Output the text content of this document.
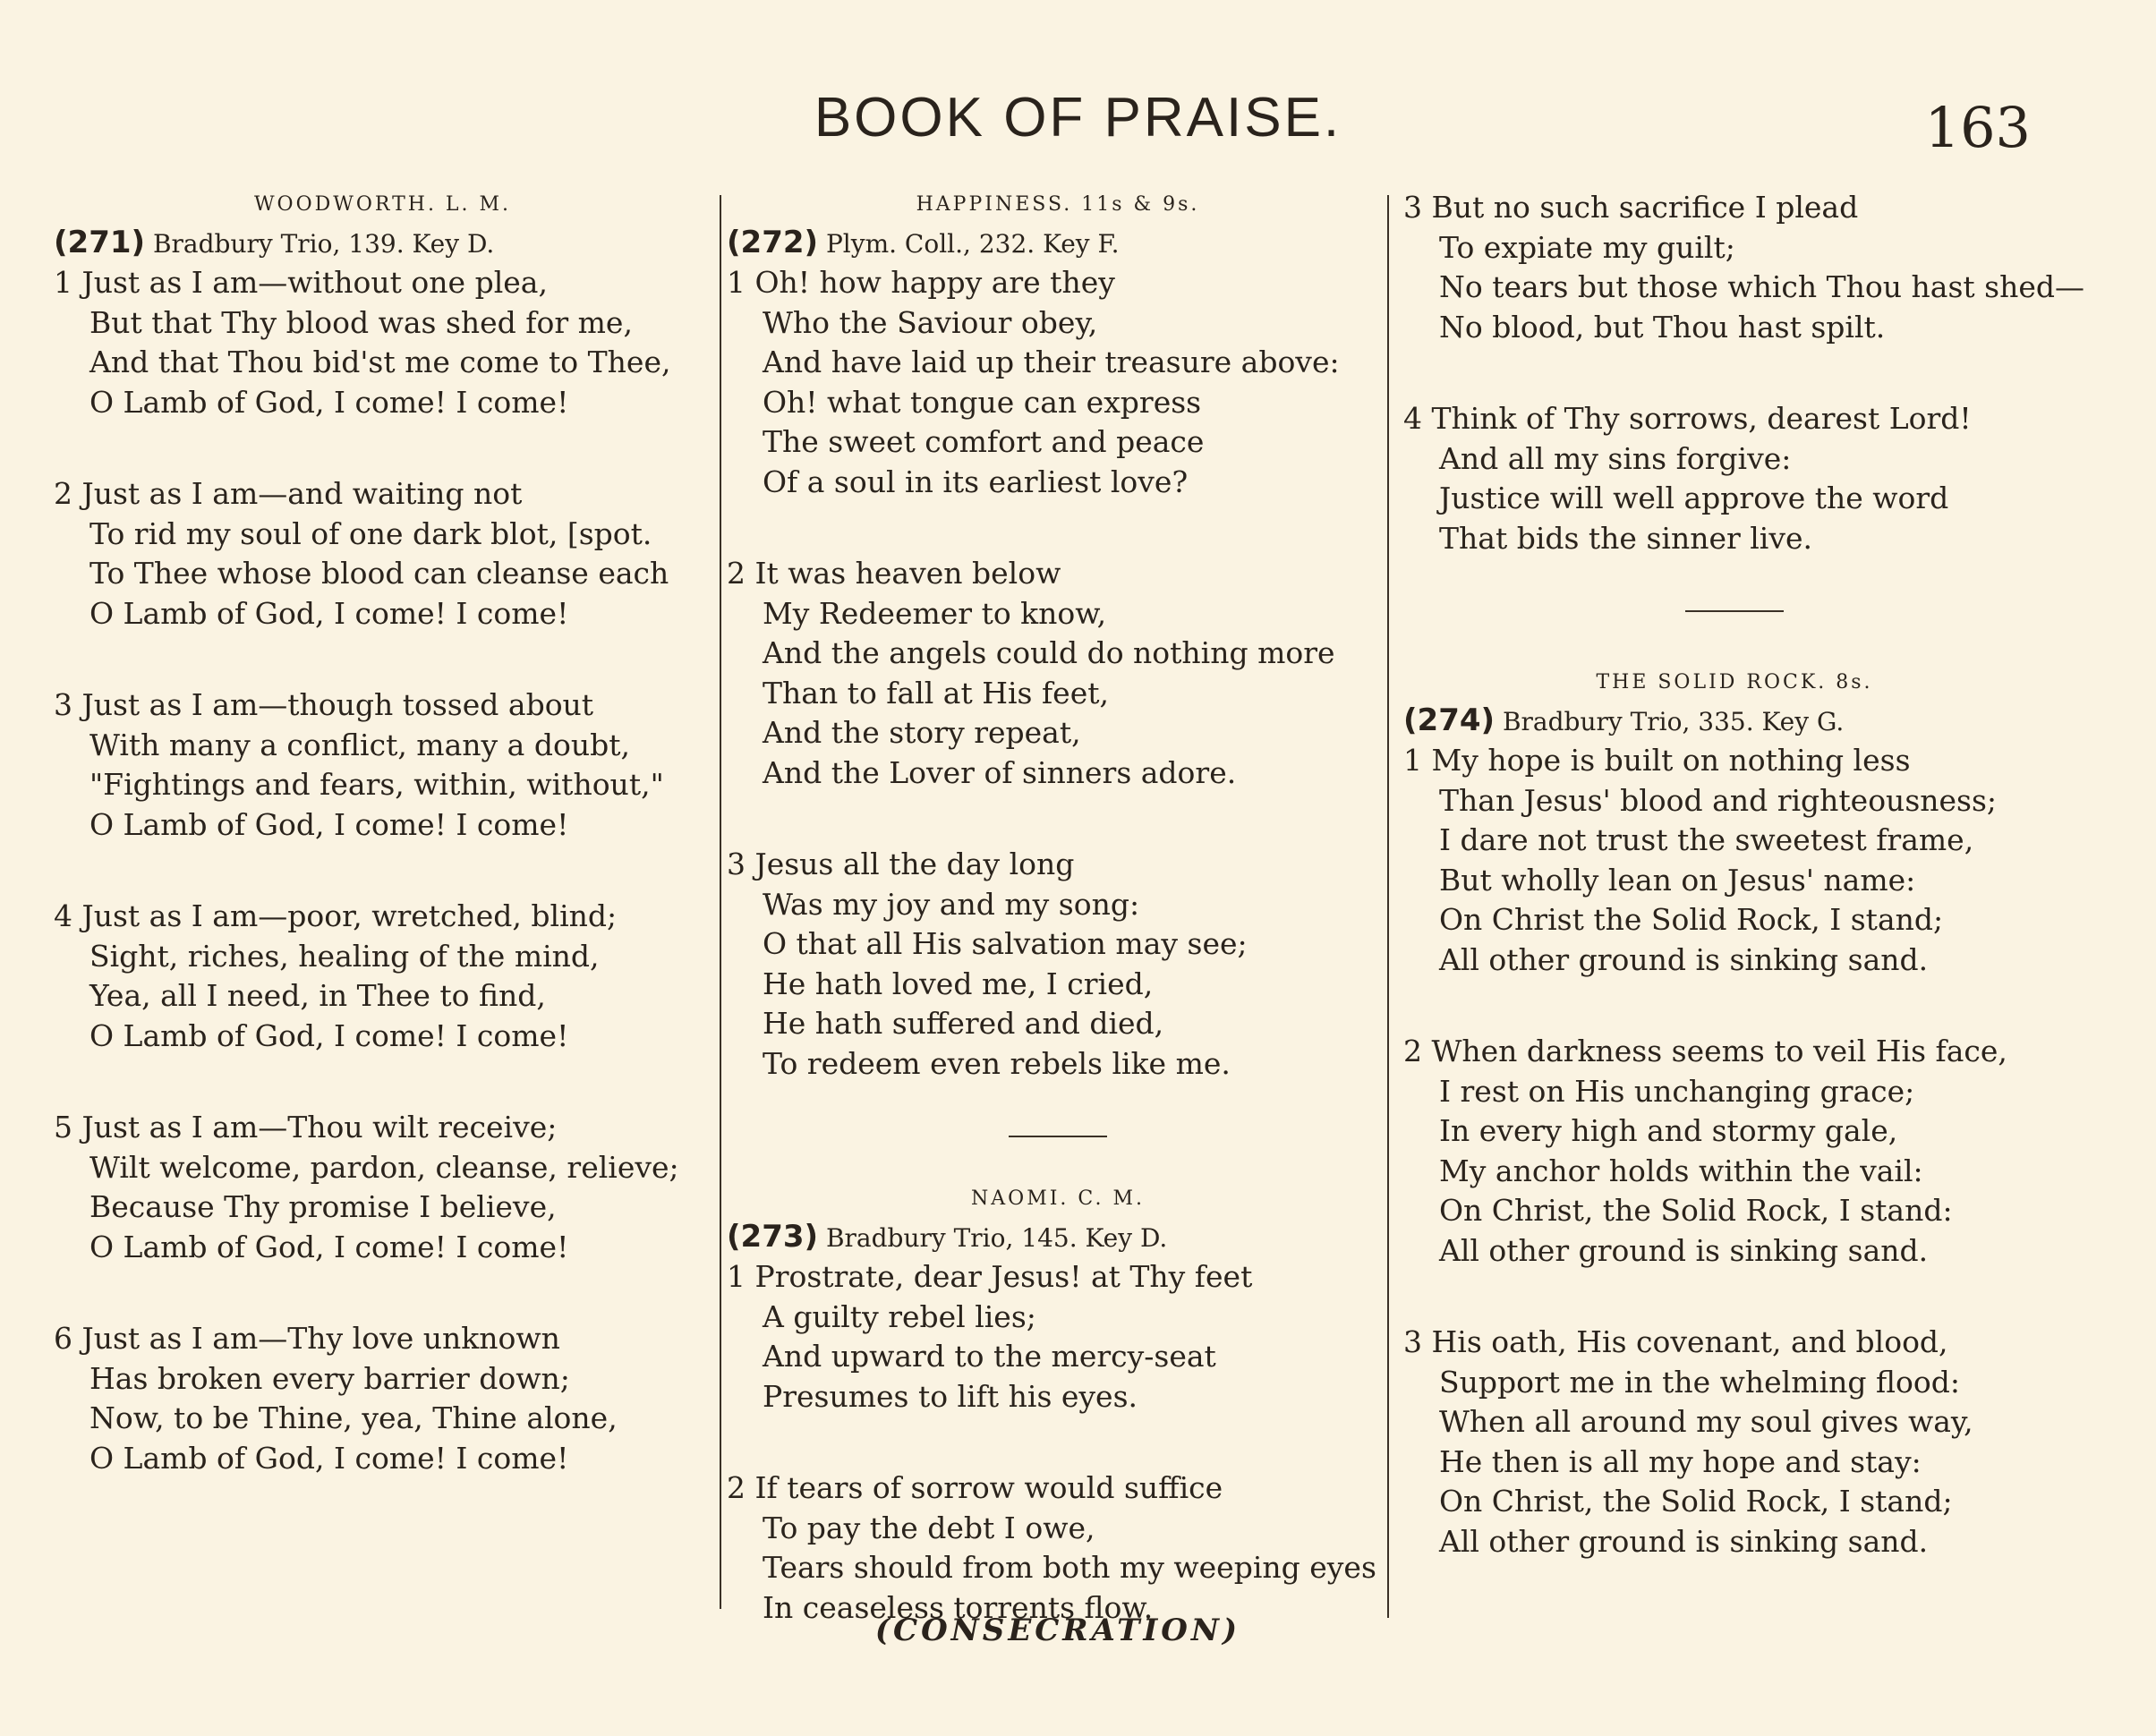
BOOK OF PRAISE.	163
WOODWORTH. L. M.
(271) Bradbury Trio, 139. Key D.
1 Just as I am—without one plea,
But that Thy blood was shed for me,
And that Thou bid'st me come to Thee,
O Lamb of God, I come! I come!
2 Just as I am—and waiting not
To rid my soul of one dark blot, [spot.
To Thee whose blood can cleanse each
O Lamb of God, I come! I come!
3 Just as I am—though tossed about
With many a conflict, many a doubt,
"Fightings and fears, within, without,"
O Lamb of God, I come! I come!
4 Just as I am—poor, wretched, blind;
Sight, riches, healing of the mind,
Yea, all I need, in Thee to find,
O Lamb of God, I come! I come!
5 Just as I am—Thou wilt receive;
Wilt welcome, pardon, cleanse, relieve;
Because Thy promise I believe,
O Lamb of God, I come! I come!
6 Just as I am—Thy love unknown
Has broken every barrier down;
Now, to be Thine, yea, Thine alone,
O Lamb of God, I come! I come!
HAPPINESS. 11s & 9s.
(272) Plym. Coll., 232. Key F.
1 Oh! how happy are they
Who the Saviour obey,
And have laid up their treasure above:
Oh! what tongue can express
The sweet comfort and peace
Of a soul in its earliest love?
2 It was heaven below
My Redeemer to know,
And the angels could do nothing more
Than to fall at His feet,
And the story repeat,
And the Lover of sinners adore.
3 Jesus all the day long
Was my joy and my song:
O that all His salvation may see;
He hath loved me, I cried,
He hath suffered and died,
To redeem even rebels like me.
NAOMI. C. M.
(273) Bradbury Trio, 145. Key D.
1 Prostrate, dear Jesus! at Thy feet
A guilty rebel lies;
And upward to the mercy-seat
Presumes to lift his eyes.
2 If tears of sorrow would suffice
To pay the debt I owe,
Tears should from both my weeping eyes
In ceaseless torrents flow.
3 But no such sacrifice I plead
To expiate my guilt;
No tears but those which Thou hast shed—
No blood, but Thou hast spilt.
4 Think of Thy sorrows, dearest Lord!
And all my sins forgive:
Justice will well approve the word
That bids the sinner live.
THE SOLID ROCK. 8s.
(274) Bradbury Trio, 335. Key G.
1 My hope is built on nothing less
Than Jesus' blood and righteousness;
I dare not trust the sweetest frame,
But wholly lean on Jesus' name:
On Christ the Solid Rock, I stand;
All other ground is sinking sand.
2 When darkness seems to veil His face,
I rest on His unchanging grace;
In every high and stormy gale,
My anchor holds within the vail:
On Christ, the Solid Rock, I stand:
All other ground is sinking sand.
3 His oath, His covenant, and blood,
Support me in the whelming flood:
When all around my soul gives way,
He then is all my hope and stay:
On Christ, the Solid Rock, I stand;
All other ground is sinking sand.
(CONSECRATION)
